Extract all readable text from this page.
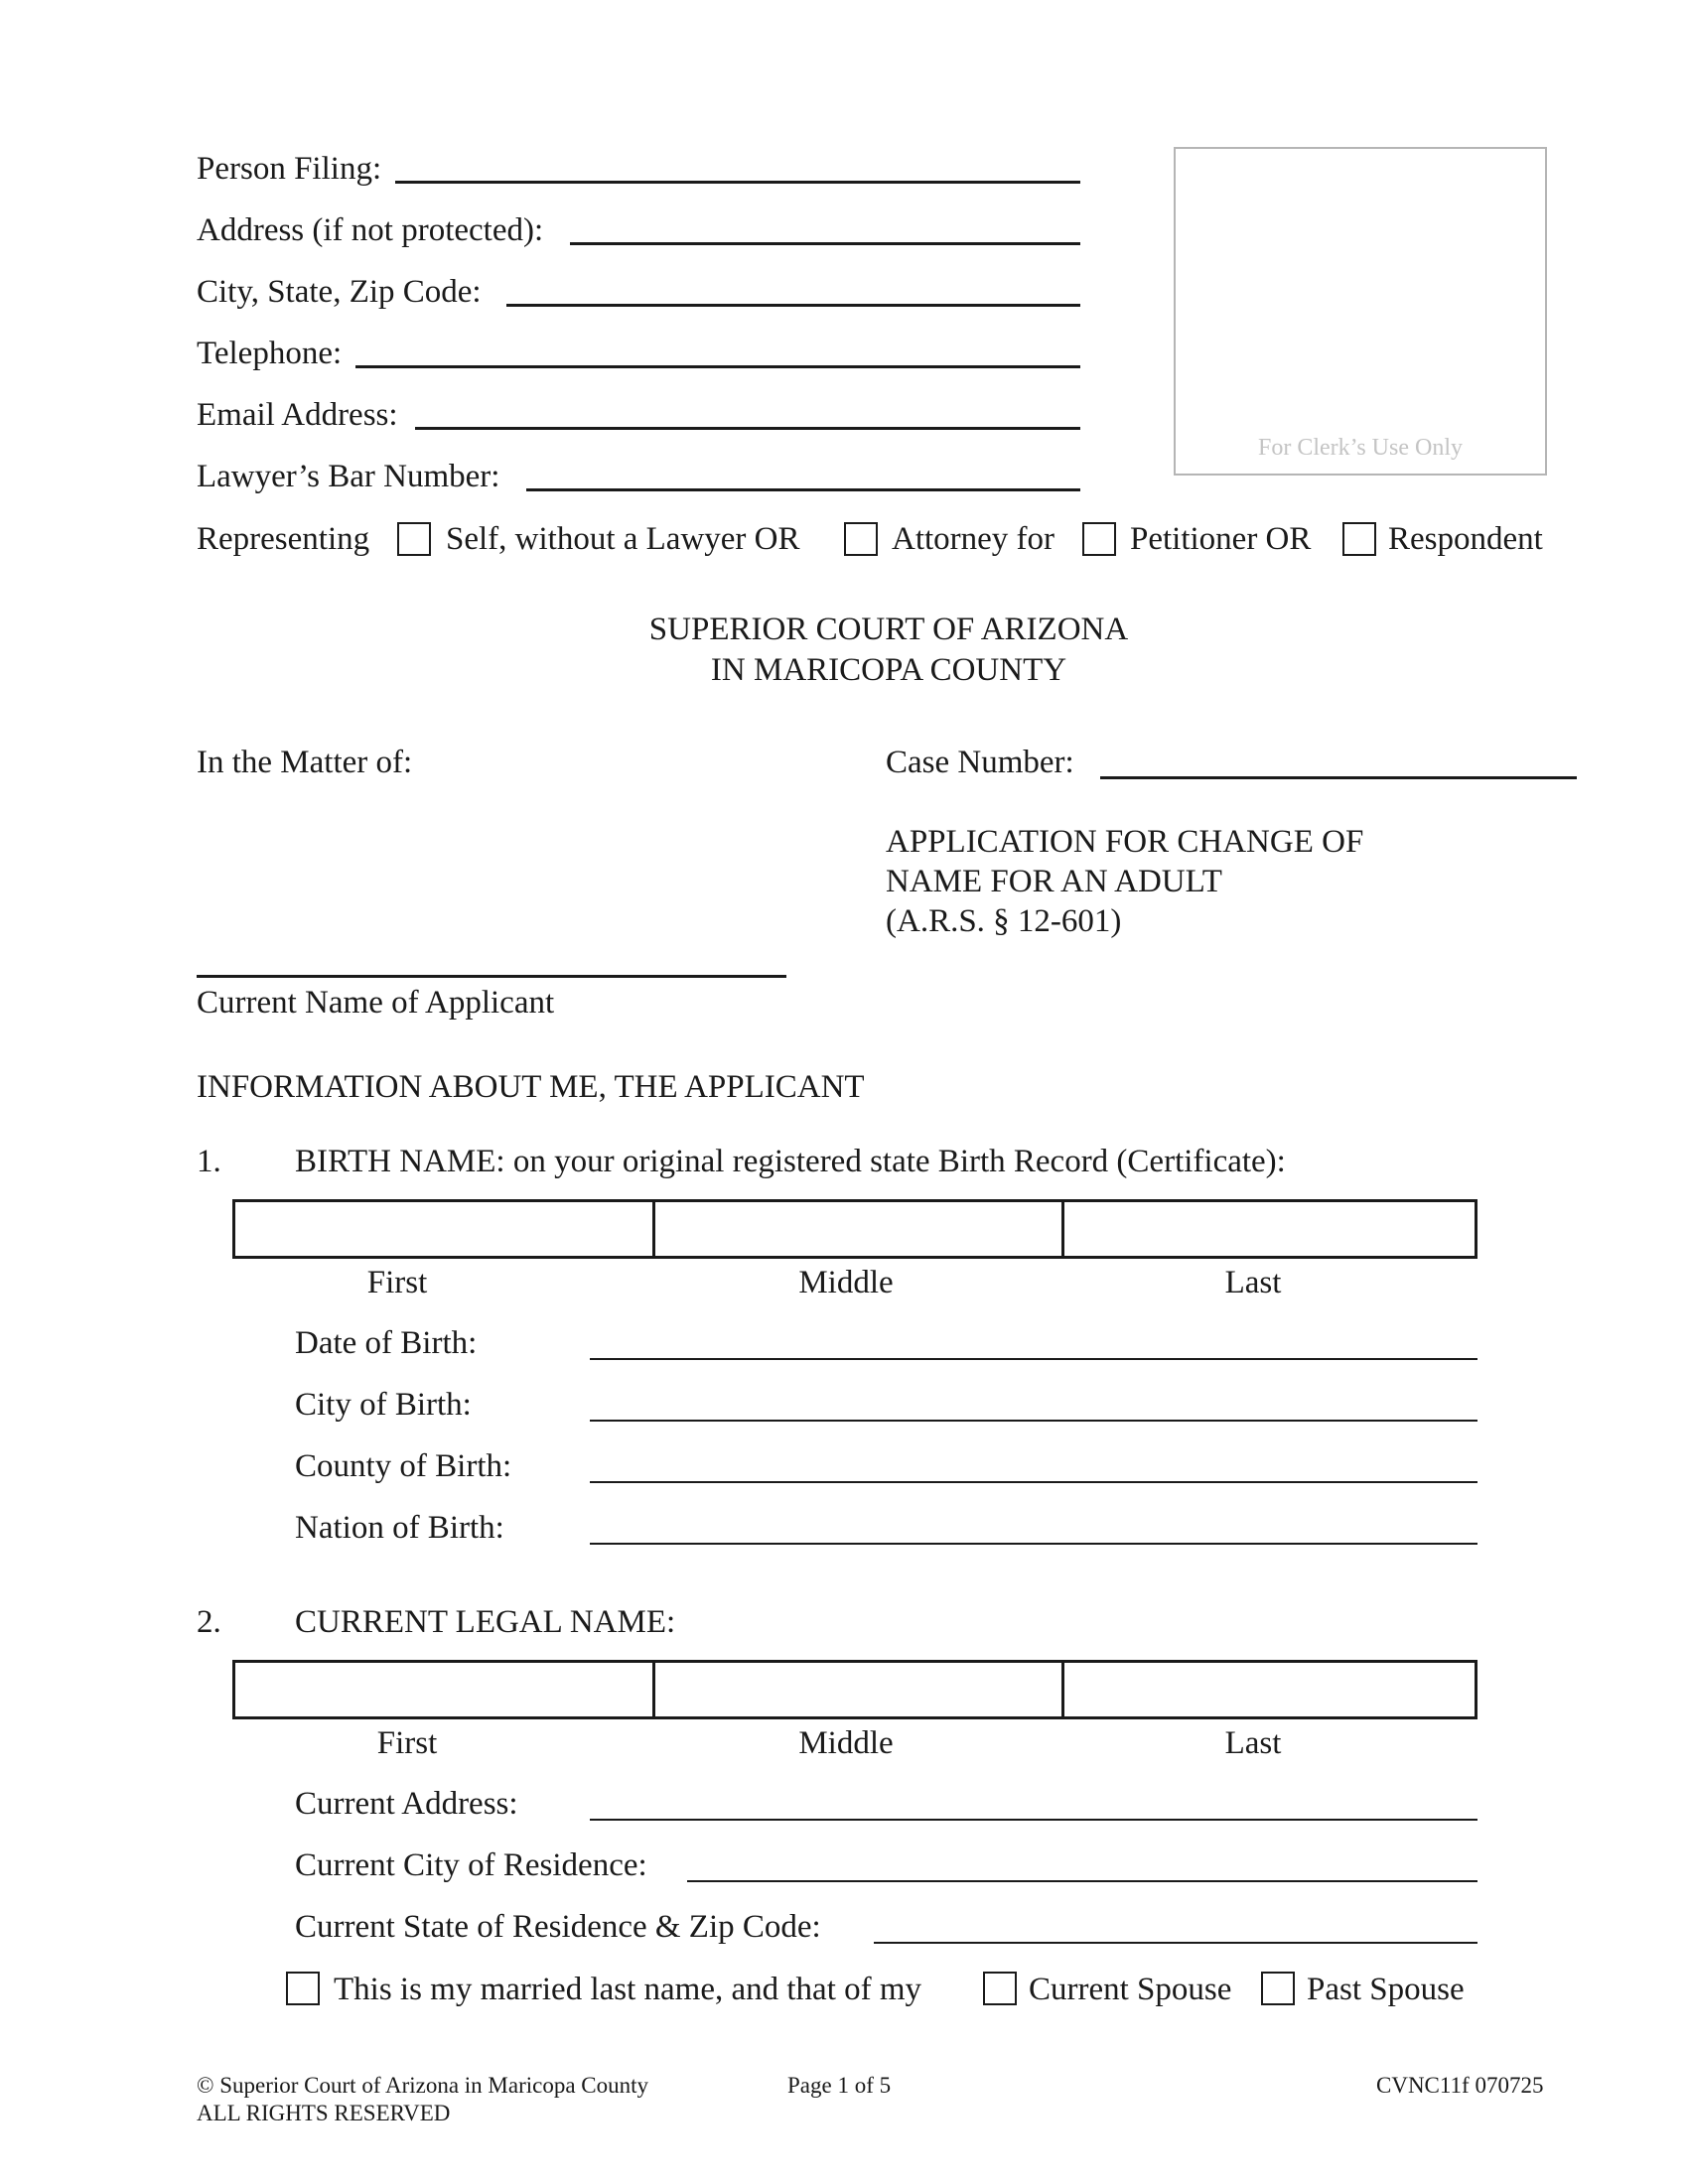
Person Filing:
Address (if not protected):
City, State, Zip Code:
Telephone:
Email Address:
Lawyer’s Bar Number:
For Clerk’s Use Only
Representing Self, without a Lawyer OR	Attorney for Petitioner OR Respondent
SUPERIOR COURT OF ARIZONA
IN MARICOPA COUNTY
In the Matter of:	Case Number:
APPLICATION FOR CHANGE OF
NAME FOR AN ADULT
(A.R.S. § 12-601)
Current Name of Applicant
INFORMATION ABOUT ME, THE APPLICANT
1. BIRTH NAME: on your original registered state Birth Record (Certificate):

First	Middle	Last
Date of Birth:
City of Birth:
County of Birth:
Nation of Birth:
2. CURRENT LEGAL NAME:

First	Middle	Last
Current Address:
Current City of Residence:
Current State of Residence & Zip Code:
This is my married last name, and that of my	Current Spouse Past Spouse
© Superior Court of Arizona in Maricopa County
ALL RIGHTS RESERVED
Page 1 of 5	CVNC11f 070725
